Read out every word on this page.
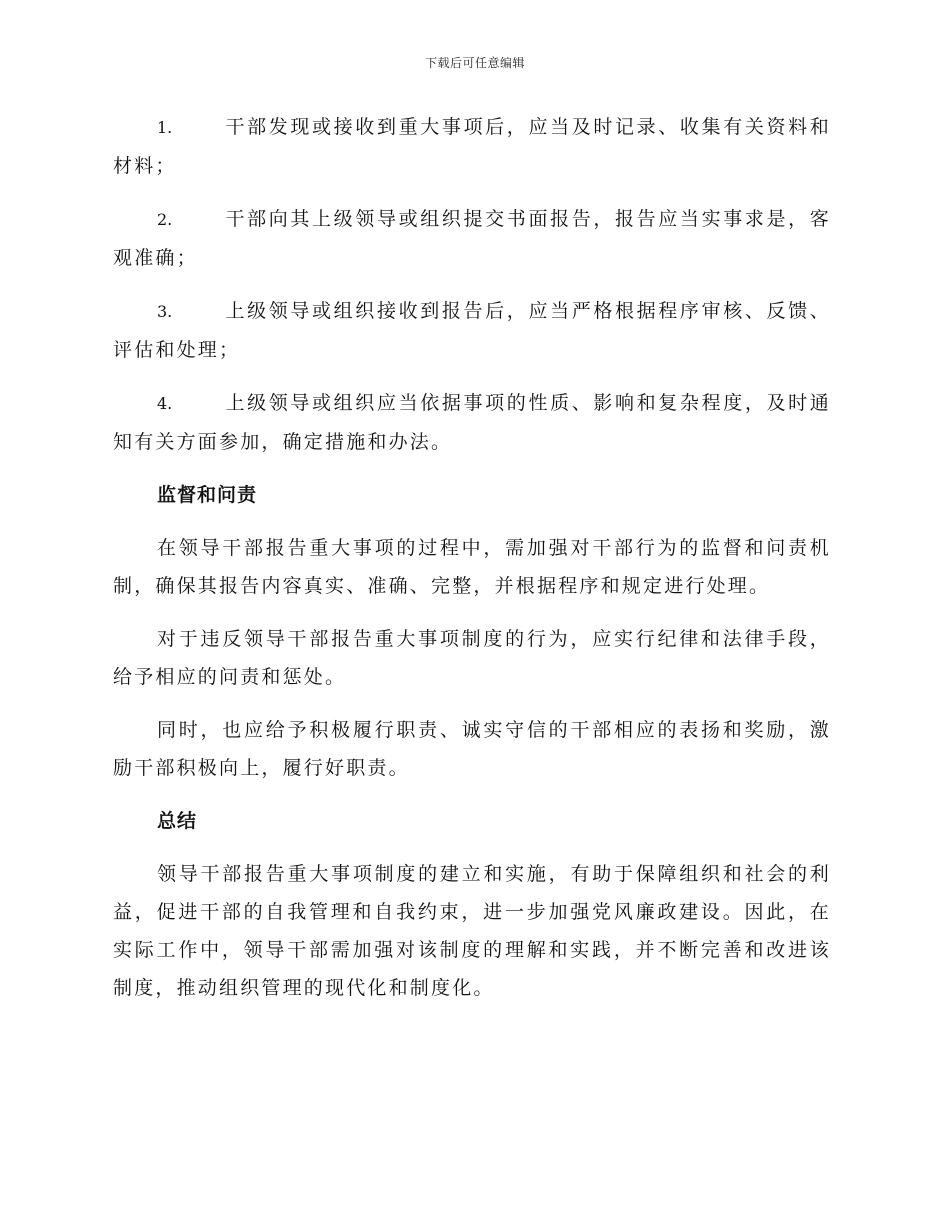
下载后可任意编辑

1.	干部发现或接收到重大事项后，应当及时记录、收集有关资料和材料；

2.	干部向其上级领导或组织提交书面报告，报告应当实事求是，客观准确；

3.	上级领导或组织接收到报告后，应当严格根据程序审核、反馈、评估和处理；

4.	上级领导或组织应当依据事项的性质、影响和复杂程度，及时通知有关方面参加，确定措施和办法。

监督和问责

在领导干部报告重大事项的过程中，需加强对干部行为的监督和问责机制，确保其报告内容真实、准确、完整，并根据程序和规定进行处理。

对于违反领导干部报告重大事项制度的行为，应实行纪律和法律手段，给予相应的问责和惩处。

同时，也应给予积极履行职责、诚实守信的干部相应的表扬和奖励，激励干部积极向上，履行好职责。

总结

领导干部报告重大事项制度的建立和实施，有助于保障组织和社会的利益，促进干部的自我管理和自我约束，进一步加强党风廉政建设。因此，在实际工作中，领导干部需加强对该制度的理解和实践，并不断完善和改进该制度，推动组织管理的现代化和制度化。
